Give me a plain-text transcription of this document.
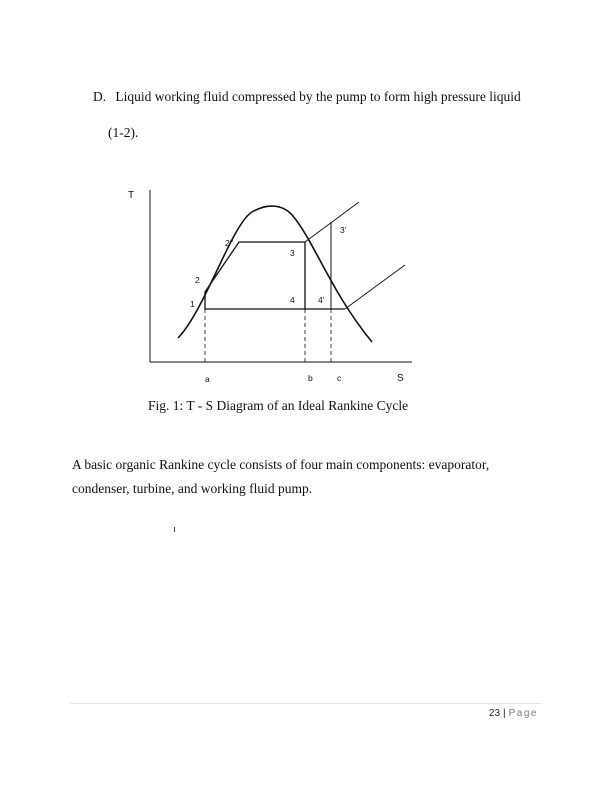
D. Liquid working fluid compressed by the pump to form high pressure liquid
(1-2).
T
S
2’’
3
3’
2
1	4	4’
a	b	c
Fig. 1: T - S Diagram of an Ideal Rankine Cycle
A basic organic Rankine cycle consists of four main components: evaporator, condenser, turbine, and working fluid pump.
23 | Page
